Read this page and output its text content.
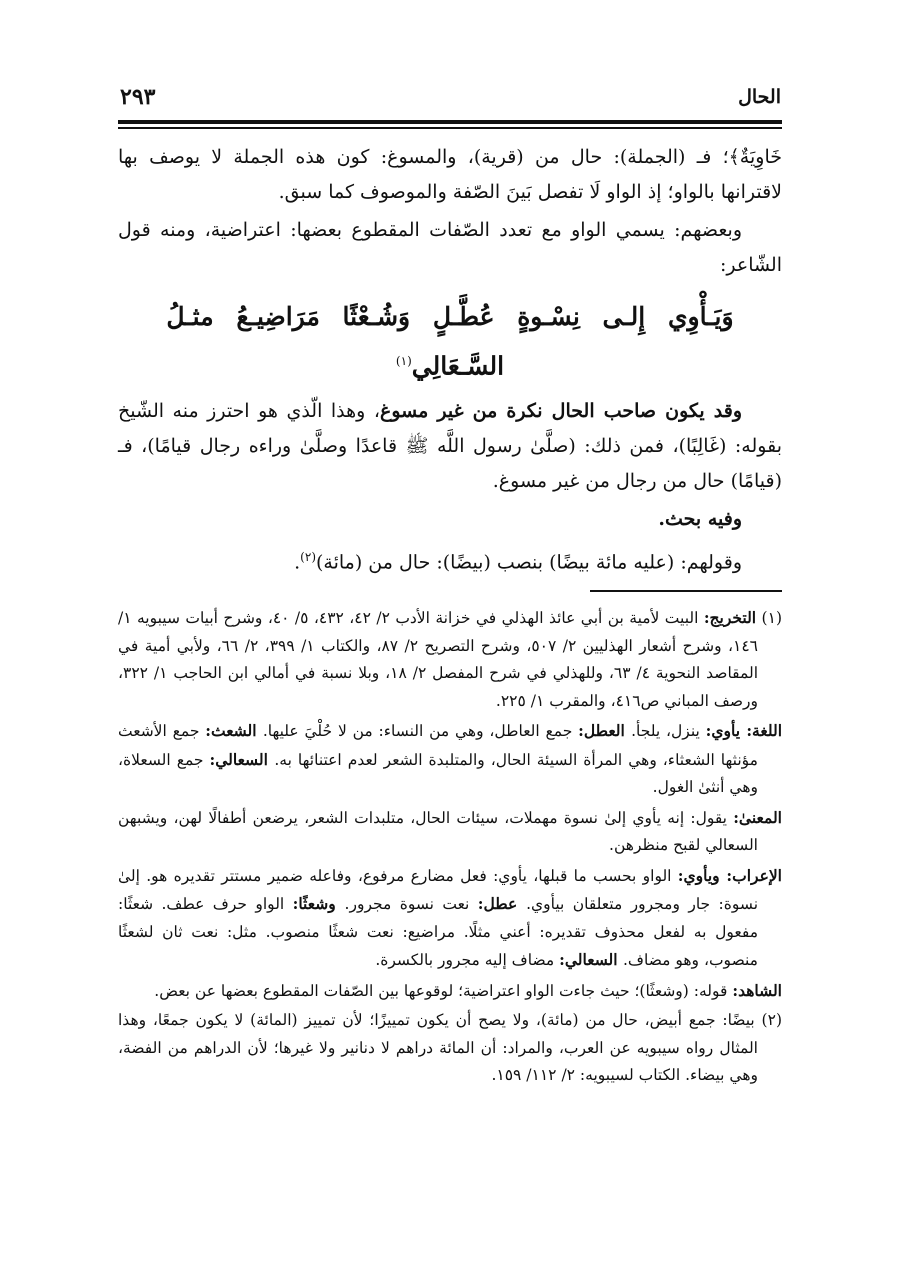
الحال
٢٩٣

خَاوِيَةٌ﴾؛ فـ (الجملة): حال من (قرية)، والمسوغ: كون هذه الجملة لا يوصف بها لاقترانها بالواو؛ إذ الواو لَا تفصل بَينَ الصّفة والموصوف كما سبق.

وبعضهم: يسمي الواو مع تعدد الصّفات المقطوع بعضها: اعتراضية، ومنه قول الشّاعر:

وَيَـأْوِي إِلـى نِسْـوةٍ عُطَّـلٍ وَشُـعْثًا مَرَاضِيـعُ مثـلُ السَّـعَالِي$^{(١)}$

وقد يكون صاحب الحال نكرة من غير مسوغ، وهذا الّذي هو احترز منه الشّيخ بقوله: (غَالِبًا)، فمن ذلك: (صلَّىٰ رسول اللَّه ﷺ قاعدًا وصلَّىٰ وراءه رجال قيامًا)، فـ (قيامًا) حال من رجال من غير مسوغ.

وفيه بحث.

وقولهم: (عليه مائة بيضًا) بنصب (بيضًا): حال من (مائة)$^{(٢)}$.

(١) التخريج: البيت لأمية بن أبي عائذ الهذلي في خزانة الأدب ٢/ ٤٢، ٤٣٢، ٥/ ٤٠، وشرح أبيات سيبويه ١/ ١٤٦، وشرح أشعار الهذليين ٢/ ٥٠٧، وشرح التصريح ٢/ ٨٧، والكتاب ١/ ٣٩٩، ٢/ ٦٦، ولأبي أمية في المقاصد النحوية ٤/ ٦٣، وللهذلي في شرح المفصل ٢/ ١٨، وبلا نسبة في أمالي ابن الحاجب ١/ ٣٢٢، ورصف المباني ص٤١٦، والمقرب ١/ ٢٢٥.

اللغة: يأوي: ينزل، يلجأ. العطل: جمع العاطل، وهي من النساء: من لا حُلْيَ عليها. الشعث: جمع الأشعث مؤنثها الشعثاء، وهي المرأة السيئة الحال، والمتلبدة الشعر لعدم اعتنائها به. السعالي: جمع السعلاة، وهي أنثىٰ الغول.

المعنىٰ: يقول: إنه يأوي إلىٰ نسوة مهملات، سيئات الحال، متلبدات الشعر، يرضعن أطفالًا لهن، ويشبهن السعالي لقبح منظرهن.

الإعراب: ويأوي: الواو بحسب ما قبلها، يأوي: فعل مضارع مرفوع، وفاعله ضمير مستتر تقديره هو. إلىٰ نسوة: جار ومجرور متعلقان بيأوي. عطل: نعت نسوة مجرور. وشعثًا: الواو حرف عطف. شعثًا: مفعول به لفعل محذوف تقديره: أعني مثلًا. مراضيع: نعت شعثًا منصوب. مثل: نعت ثان لشعثًا منصوب، وهو مضاف. السعالي: مضاف إليه مجرور بالكسرة.

الشاهد: قوله: (وشعثًا)؛ حيث جاءت الواو اعتراضية؛ لوقوعها بين الصّفات المقطوع بعضها عن بعض.

(٢) بيضًا: جمع أبيض، حال من (مائة)، ولا يصح أن يكون تمييزًا؛ لأن تمييز (المائة) لا يكون جمعًا، وهذا المثال رواه سيبويه عن العرب، والمراد: أن المائة دراهم لا دنانير ولا غيرها؛ لأن الدراهم من الفضة، وهي بيضاء. الكتاب لسيبويه: ٢/ ١١٢/ ١٥٩.
